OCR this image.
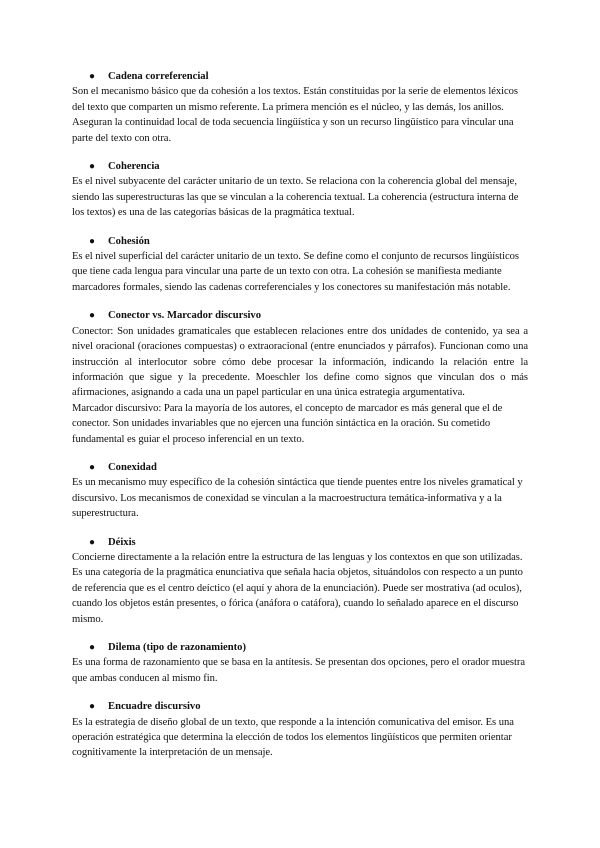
● Cadena correferencial

Son el mecanismo básico que da cohesión a los textos. Están constituidas por la serie de elementos léxicos del texto que comparten un mismo referente. La primera mención es el núcleo, y las demás, los anillos. Aseguran la continuidad local de toda secuencia lingüística y son un recurso lingüístico para vincular una parte del texto con otra.

● Coherencia

Es el nivel subyacente del carácter unitario de un texto. Se relaciona con la coherencia global del mensaje, siendo las superestructuras las que se vinculan a la coherencia textual. La coherencia (estructura interna de los textos) es una de las categorías básicas de la pragmática textual.

● Cohesión

Es el nivel superficial del carácter unitario de un texto. Se define como el conjunto de recursos lingüísticos que tiene cada lengua para vincular una parte de un texto con otra. La cohesión se manifiesta mediante marcadores formales, siendo las cadenas correferenciales y los conectores su manifestación más notable.

● Conector vs. Marcador discursivo

Conector: Son unidades gramaticales que establecen relaciones entre dos unidades de contenido, ya sea a nivel oracional (oraciones compuestas) o extraoracional (entre enunciados y párrafos). Funcionan como una instrucción al interlocutor sobre cómo debe procesar la información, indicando la relación entre la información que sigue y la precedente. Moeschler los define como signos que vinculan dos o más afirmaciones, asignando a cada una un papel particular en una única estrategia argumentativa.

Marcador discursivo: Para la mayoría de los autores, el concepto de marcador es más general que el de conector. Son unidades invariables que no ejercen una función sintáctica en la oración. Su cometido fundamental es guiar el proceso inferencial en un texto.

● Conexidad

Es un mecanismo muy específico de la cohesión sintáctica que tiende puentes entre los niveles gramatical y discursivo. Los mecanismos de conexidad se vinculan a la macroestructura temática-informativa y a la superestructura.

● Déixis

Concierne directamente a la relación entre la estructura de las lenguas y los contextos en que son utilizadas. Es una categoría de la pragmática enunciativa que señala hacia objetos, situándolos con respecto a un punto de referencia que es el centro deíctico (el aquí y ahora de la enunciación). Puede ser mostrativa (ad oculos), cuando los objetos están presentes, o fórica (anáfora o catáfora), cuando lo señalado aparece en el discurso mismo.

● Dilema (tipo de razonamiento)

Es una forma de razonamiento que se basa en la antítesis. Se presentan dos opciones, pero el orador muestra que ambas conducen al mismo fin.

● Encuadre discursivo

Es la estrategia de diseño global de un texto, que responde a la intención comunicativa del emisor. Es una operación estratégica que determina la elección de todos los elementos lingüísticos que permiten orientar cognitivamente la interpretación de un mensaje.
